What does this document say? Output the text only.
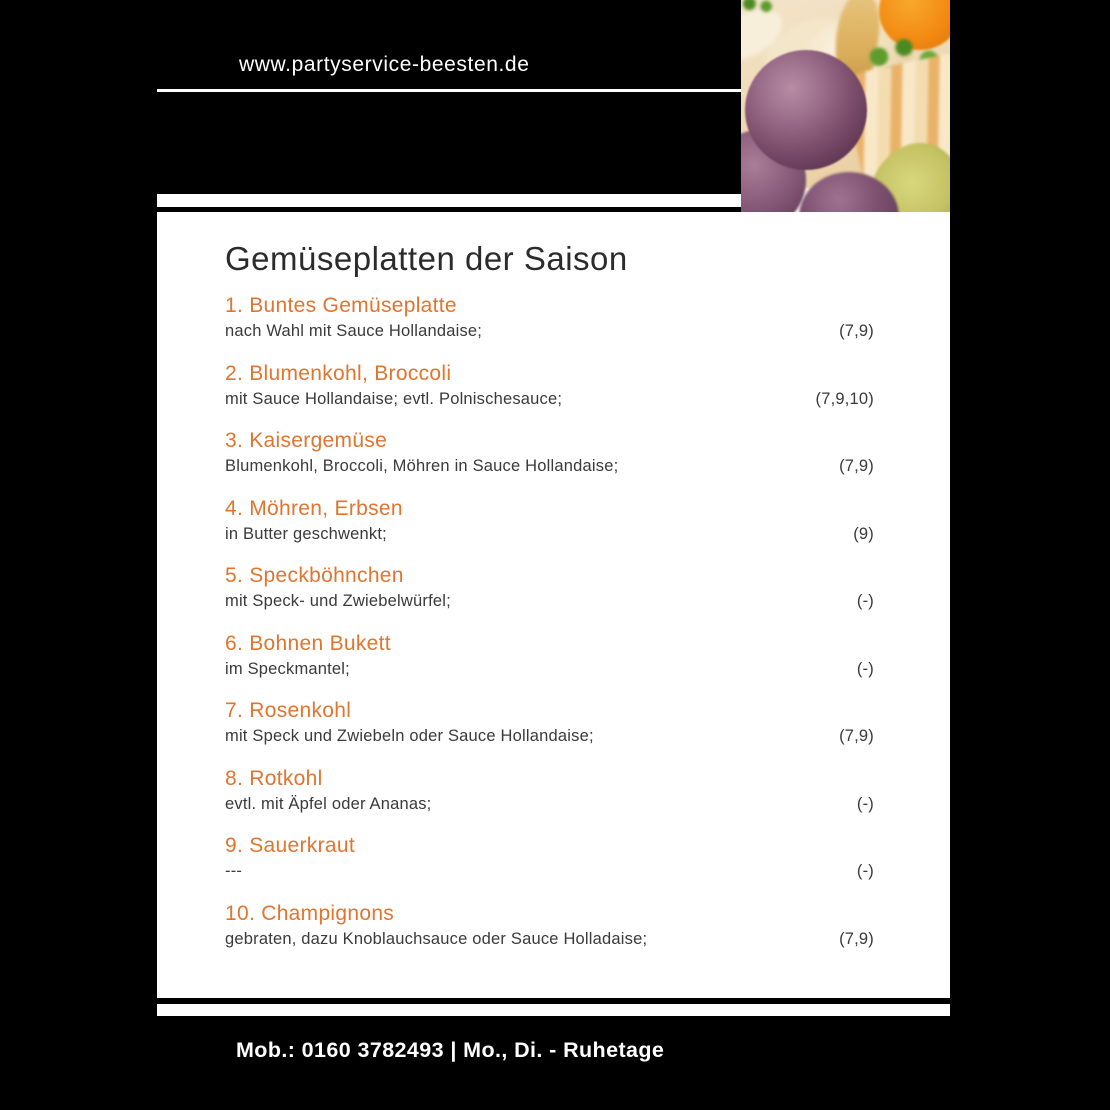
www.partyservice-beesten.de
Gemüseplatten der Saison
1. Buntes Gemüseplatte
nach Wahl mit Sauce Hollandaise;	(7,9)
2. Blumenkohl, Broccoli
mit Sauce Hollandaise; evtl. Polnischesauce;	(7,9,10)
3. Kaisergemüse
Blumenkohl, Broccoli, Möhren in Sauce Hollandaise;	(7,9)
4. Möhren, Erbsen
in Butter geschwenkt;	(9)
5. Speckböhnchen
mit Speck- und Zwiebelwürfel;	(-)
6. Bohnen Bukett
im Speckmantel;	(-)
7. Rosenkohl
mit Speck und Zwiebeln oder Sauce Hollandaise;	(7,9)
8. Rotkohl
evtl. mit Äpfel oder Ananas;	(-)
9. Sauerkraut
---	(-)
10. Champignons
gebraten, dazu Knoblauchsauce oder Sauce Holladaise;	(7,9)
Mob.: 0160 3782493 | Mo., Di. - Ruhetage
